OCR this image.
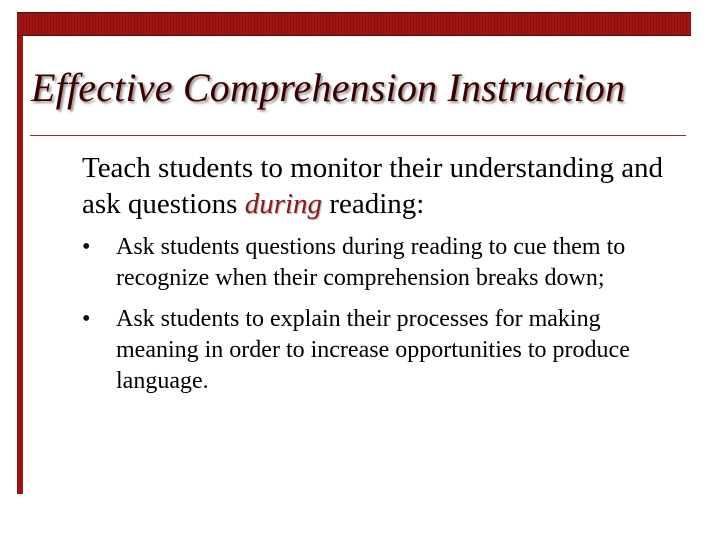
Effective Comprehension Instruction

Teach students to monitor their understanding and ask questions during reading:

• Ask students questions during reading to cue them to recognize when their comprehension breaks down;
• Ask students to explain their processes for making meaning in order to increase opportunities to produce language.
